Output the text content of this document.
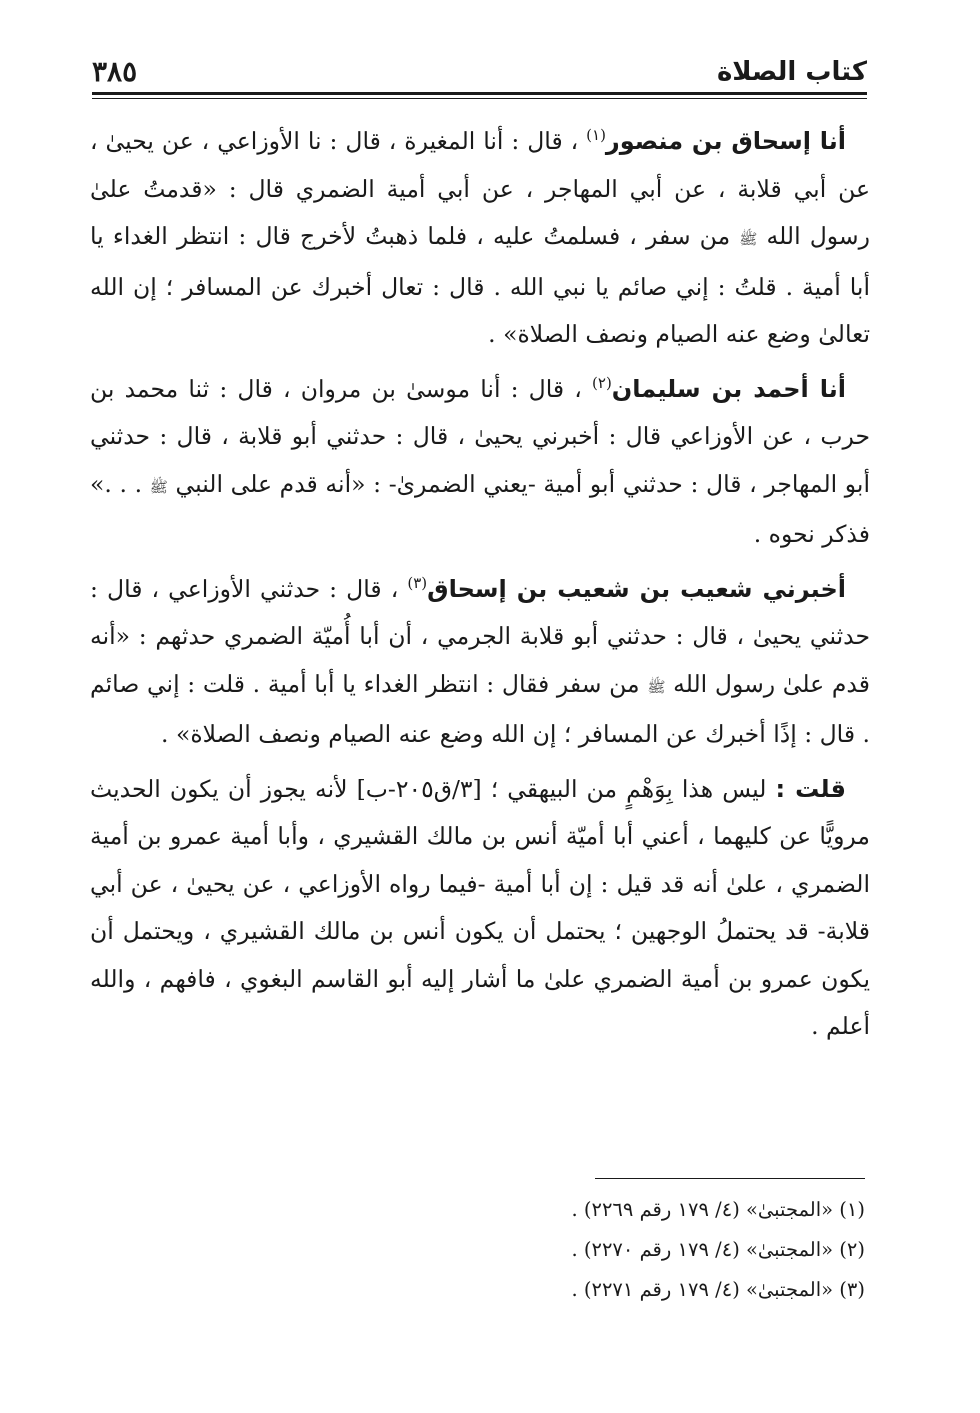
كتاب الصلاة
٣٨٥

أنا إسحاق بن منصور$^{(١)}$ ، قال : أنا المغيرة ، قال : نا الأوزاعي ، عن يحيىٰ ، عن أبي قلابة ، عن أبي المهاجر ، عن أبي أمية الضمري قال : «قدمتُ علىٰ رسول الله ﷺ من سفر ، فسلمتُ عليه ، فلما ذهبتُ لأخرج قال : انتظر الغداء يا أبا أمية . قلتُ : إني صائم يا نبي الله . قال : تعال أخبرك عن المسافر ؛ إن الله تعالىٰ وضع عنه الصيام ونصف الصلاة» .

أنا أحمد بن سليمان$^{(٢)}$ ، قال : أنا موسىٰ بن مروان ، قال : ثنا محمد بن حرب ، عن الأوزاعي قال : أخبرني يحيىٰ ، قال : حدثني أبو قلابة ، قال : حدثني أبو المهاجر ، قال : حدثني أبو أمية -يعني الضمرىٰ- : «أنه قدم على النبي ﷺ . . .» فذكر نحوه .

أخبرني شعيب بن شعيب بن إسحاق$^{(٣)}$ ، قال : حدثني الأوزاعي ، قال : حدثني يحيىٰ ، قال : حدثني أبو قلابة الجرمي ، أن أبا أُميّة الضمري حدثهم : «أنه قدم علىٰ رسول الله ﷺ من سفر فقال : انتظر الغداء يا أبا أمية . قلت : إني صائم . قال : إذًا أخبرك عن المسافر ؛ إن الله وضع عنه الصيام ونصف الصلاة» .

قلت : ليس هذا بِوَهْمٍ من البيهقي ؛ [٣/ق٢٠٥-ب] لأنه يجوز أن يكون الحديث مرويًّا عن كليهما ، أعني أبا أميّة أنس بن مالك القشيري ، وأبا أمية عمرو بن أمية الضمري ، علىٰ أنه قد قيل : إن أبا أمية -فيما رواه الأوزاعي ، عن يحيىٰ ، عن أبي قلابة- قد يحتملُ الوجهين ؛ يحتمل أن يكون أنس بن مالك القشيري ، ويحتمل أن يكون عمرو بن أمية الضمري علىٰ ما أشار إليه أبو القاسم البغوي ، فافهم ، والله أعلم .

(١) «المجتبىٰ» (٤/ ١٧٩ رقم ٢٢٦٩) .

(٢) «المجتبىٰ» (٤/ ١٧٩ رقم ٢٢٧٠) .

(٣) «المجتبىٰ» (٤/ ١٧٩ رقم ٢٢٧١) .
